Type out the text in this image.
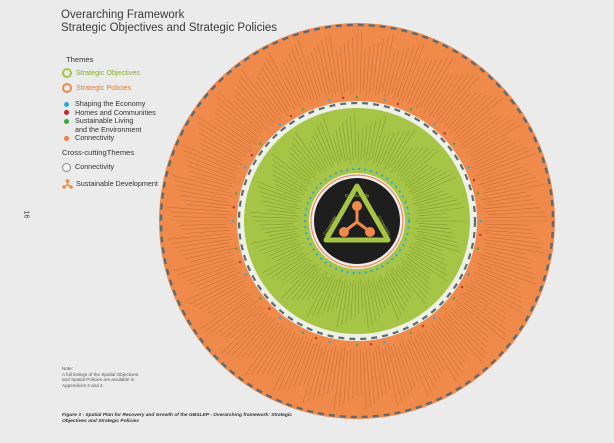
16
Overarching Framework
Strategic Objectives and Strategic Policies
Themes
Strategic Objectives
Strategic Policies
Shaping the Economy
Homes and Communities
Sustainable Living
and the Environment
Connectivity
Cross-cuttingThemes
Connectivity
Sustainable Development
Connectivity
Connectivity	Connectivity
Note:
A full listings of the Spatial Objectives
and Spatial Policies are available in
Appendices 3 and 4.
Figure 3 - Spatial Plan for Recovery and Growth of the GBSLEP - Overarching framework: Strategic
Objectives and Strategic Policies
